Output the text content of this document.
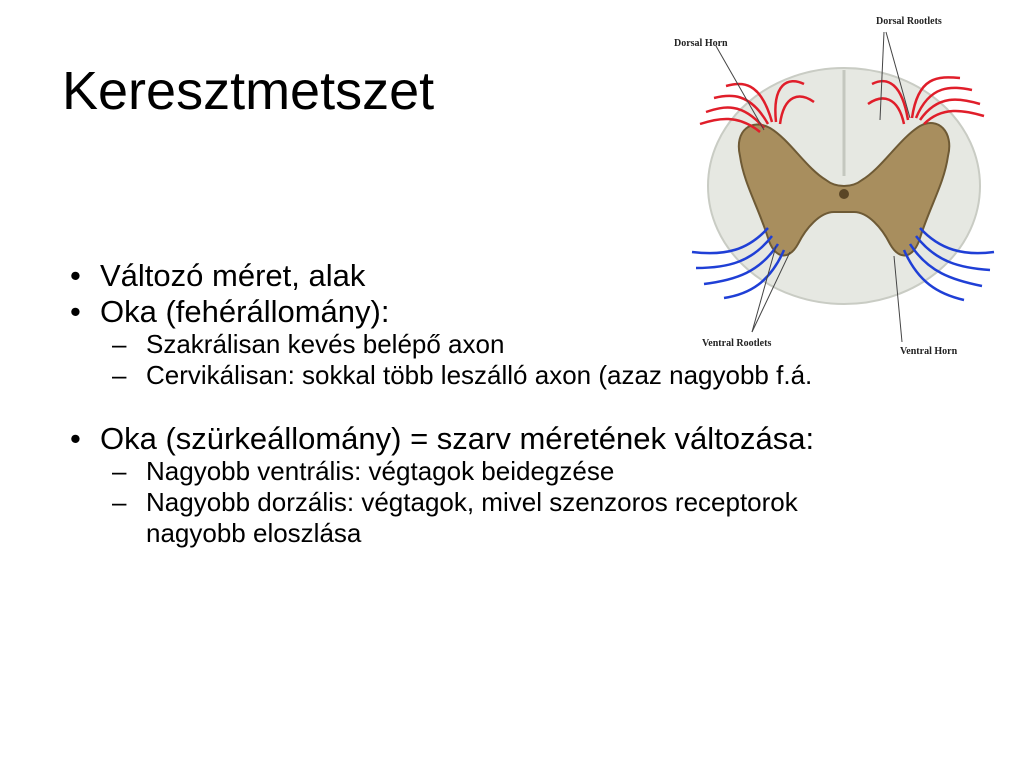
Keresztmetszet
• Változó méret, alak
• Oka (fehérállomány):
– Szakrálisan kevés belépő axon
– Cervikálisan: sokkal több leszálló axon (azaz nagyobb f.á.
• Oka (szürkeállomány) = szarv méretének változása:
– Nagyobb ventrális: végtagok beidegzése
– Nagyobb dorzális: végtagok, mivel szenzoros receptorok nagyobb eloszlása
Dorsal Horn
Dorsal Rootlets
Ventral Rootlets
Ventral Horn
